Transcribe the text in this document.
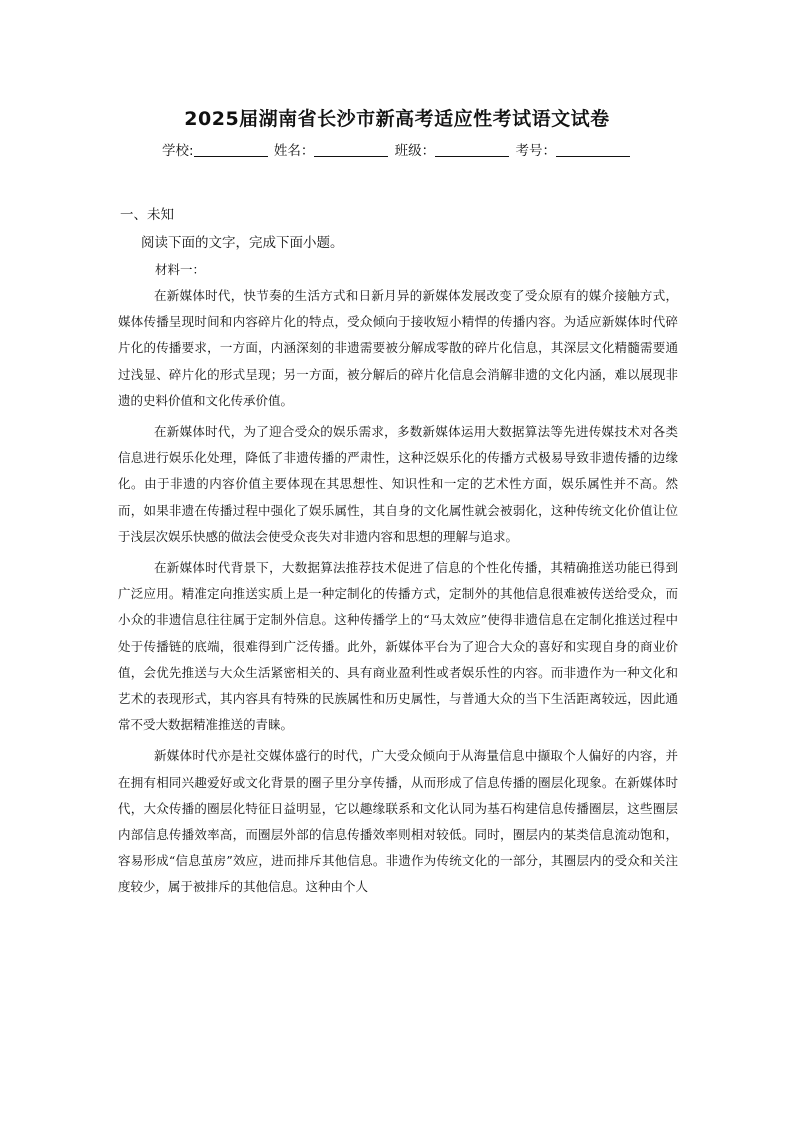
2025届湖南省长沙市新高考适应性考试语文试卷
学校:	姓名：	班级：	考号：
一、未知
阅读下面的文字，完成下面小题。
材料一：

在新媒体时代，快节奏的生活方式和日新月异的新媒体发展改变了受众原有的媒介接触方式，媒体传播呈现时间和内容碎片化的特点，受众倾向于接收短小精悍的传播内容。为适应新媒体时代碎片化的传播要求，一方面，内涵深刻的非遗需要被分解成零散的碎片化信息，其深层文化精髓需要通过浅显、碎片化的形式呈现；另一方面，被分解后的碎片化信息会消解非遗的文化内涵，难以展现非遗的史料价值和文化传承价值。

在新媒体时代，为了迎合受众的娱乐需求，多数新媒体运用大数据算法等先进传媒技术对各类信息进行娱乐化处理，降低了非遗传播的严肃性，这种泛娱乐化的传播方式极易导致非遗传播的边缘化。由于非遗的内容价值主要体现在其思想性、知识性和一定的艺术性方面，娱乐属性并不高。然而，如果非遗在传播过程中强化了娱乐属性，其自身的文化属性就会被弱化，这种传统文化价值让位于浅层次娱乐快感的做法会使受众丧失对非遗内容和思想的理解与追求。

在新媒体时代背景下，大数据算法推荐技术促进了信息的个性化传播，其精确推送功能已得到广泛应用。精准定向推送实质上是一种定制化的传播方式，定制外的其他信息很难被传送给受众，而小众的非遗信息往往属于定制外信息。这种传播学上的“马太效应”使得非遗信息在定制化推送过程中处于传播链的底端，很难得到广泛传播。此外，新媒体平台为了迎合大众的喜好和实现自身的商业价值，会优先推送与大众生活紧密相关的、具有商业盈利性或者娱乐性的内容。而非遗作为一种文化和艺术的表现形式，其内容具有特殊的民族属性和历史属性，与普通大众的当下生活距离较远，因此通常不受大数据精准推送的青睐。

新媒体时代亦是社交媒体盛行的时代，广大受众倾向于从海量信息中撷取个人偏好的内容，并在拥有相同兴趣爱好或文化背景的圈子里分享传播，从而形成了信息传播的圈层化现象。在新媒体时代，大众传播的圈层化特征日益明显，它以趣缘联系和文化认同为基石构建信息传播圈层，这些圈层内部信息传播效率高，而圈层外部的信息传播效率则相对较低。同时，圈层内的某类信息流动饱和，容易形成“信息茧房”效应，进而排斥其他信息。非遗作为传统文化的一部分，其圈层内的受众和关注度较少，属于被排斥的其他信息。这种由个人
